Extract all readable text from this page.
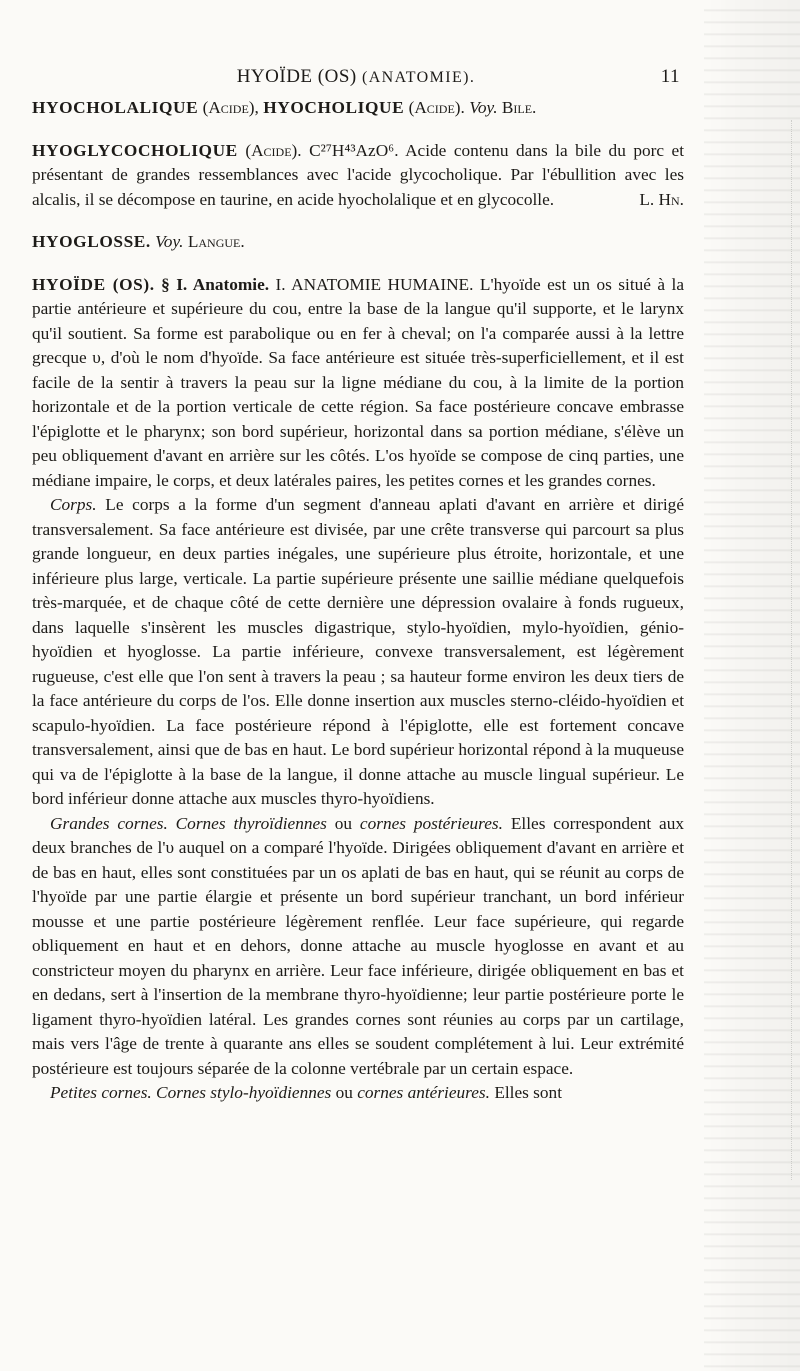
HYOÏDE (OS) (ANATOMIE).	11

HYOCHOLALIQUE (Acide), HYOCHOLIQUE (Acide). Voy. Bile.

HYOGLYCOCHOLIQUE (Acide). C²⁷H⁴³AzO⁶. Acide contenu dans la bile du porc et présentant de grandes ressemblances avec l'acide glycocholique. Par l'ébullition avec les alcalis, il se décompose en taurine, en acide hyocholalique et en glycocolle.	L. Hn.

HYOGLOSSE. Voy. Langue.

HYOÏDE (OS). § I. Anatomie. I. ANATOMIE HUMAINE. L'hyoïde est un os situé à la partie antérieure et supérieure du cou, entre la base de la langue qu'il supporte, et le larynx qu'il soutient. Sa forme est parabolique ou en fer à cheval; on l'a comparée aussi à la lettre grecque υ, d'où le nom d'hyoïde. Sa face antérieure est située très-superficiellement, et il est facile de la sentir à travers la peau sur la ligne médiane du cou, à la limite de la portion horizontale et de la portion verticale de cette région. Sa face postérieure concave embrasse l'épiglotte et le pharynx; son bord supérieur, horizontal dans sa portion médiane, s'élève un peu obliquement d'avant en arrière sur les côtés. L'os hyoïde se compose de cinq parties, une médiane impaire, le corps, et deux latérales paires, les petites cornes et les grandes cornes.

Corps. Le corps a la forme d'un segment d'anneau aplati d'avant en arrière et dirigé transversalement. Sa face antérieure est divisée, par une crête transverse qui parcourt sa plus grande longueur, en deux parties inégales, une supérieure plus étroite, horizontale, et une inférieure plus large, verticale. La partie supérieure présente une saillie médiane quelquefois très-marquée, et de chaque côté de cette dernière une dépression ovalaire à fonds rugueux, dans laquelle s'insèrent les muscles digastrique, stylo-hyoïdien, mylo-hyoïdien, génio-hyoïdien et hyoglosse. La partie inférieure, convexe transversalement, est légèrement rugueuse, c'est elle que l'on sent à travers la peau ; sa hauteur forme environ les deux tiers de la face antérieure du corps de l'os. Elle donne insertion aux muscles sterno-cléido-hyoïdien et scapulo-hyoïdien. La face postérieure répond à l'épiglotte, elle est fortement concave transversalement, ainsi que de bas en haut. Le bord supérieur horizontal répond à la muqueuse qui va de l'épiglotte à la base de la langue, il donne attache au muscle lingual supérieur. Le bord inférieur donne attache aux muscles thyro-hyoïdiens.

Grandes cornes. Cornes thyroïdiennes ou cornes postérieures. Elles correspondent aux deux branches de l'υ auquel on a comparé l'hyoïde. Dirigées obliquement d'avant en arrière et de bas en haut, elles sont constituées par un os aplati de bas en haut, qui se réunit au corps de l'hyoïde par une partie élargie et présente un bord supérieur tranchant, un bord inférieur mousse et une partie postérieure légèrement renflée. Leur face supérieure, qui regarde obliquement en haut et en dehors, donne attache au muscle hyoglosse en avant et au constricteur moyen du pharynx en arrière. Leur face inférieure, dirigée obliquement en bas et en dedans, sert à l'insertion de la membrane thyro-hyoïdienne; leur partie postérieure porte le ligament thyro-hyoïdien latéral. Les grandes cornes sont réunies au corps par un cartilage, mais vers l'âge de trente à quarante ans elles se soudent complétement à lui. Leur extrémité postérieure est toujours séparée de la colonne vertébrale par un certain espace.

Petites cornes. Cornes stylo-hyoïdiennes ou cornes antérieures. Elles sont
